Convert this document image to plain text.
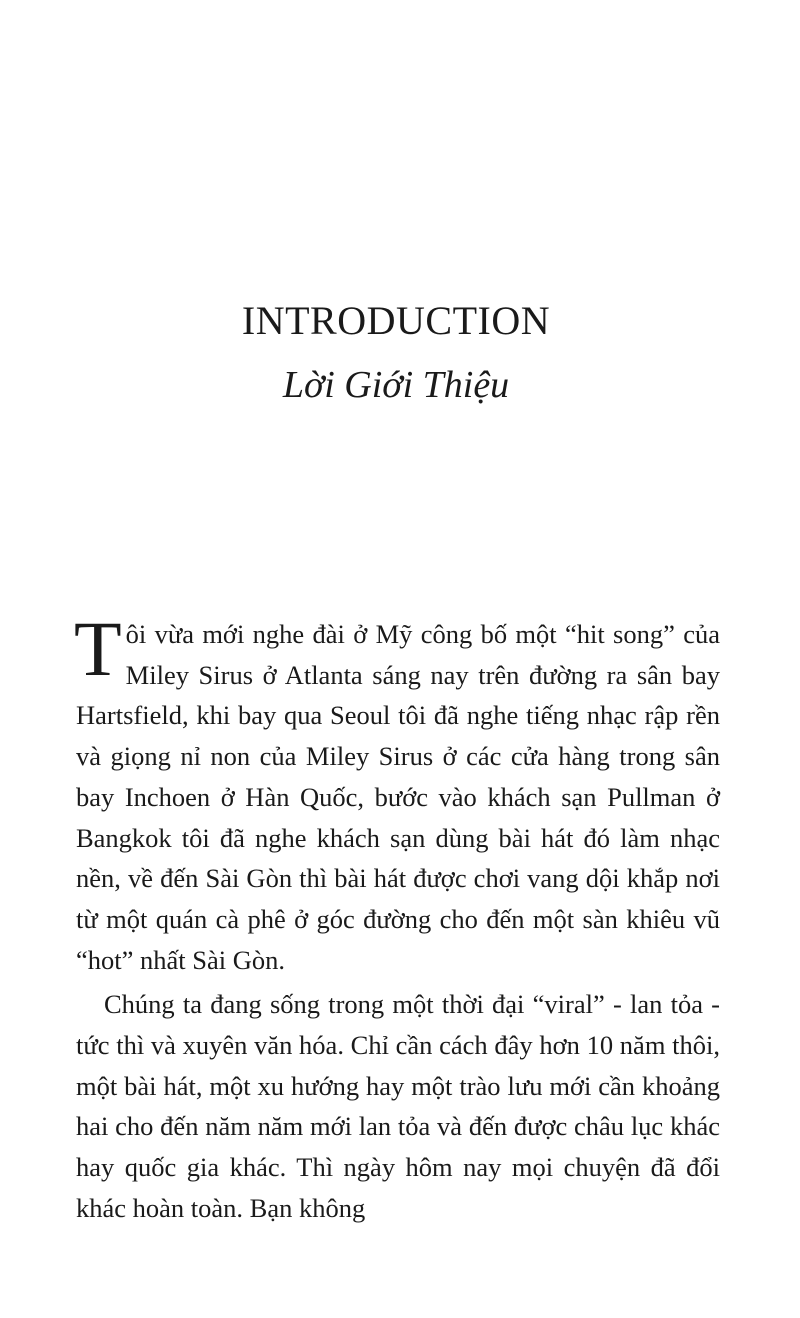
INTRODUCTION
Lời Giới Thiệu

Tôi vừa mới nghe đài ở Mỹ công bố một “hit song” của Miley Sirus ở Atlanta sáng nay trên đường ra sân bay Hartsfield, khi bay qua Seoul tôi đã nghe tiếng nhạc rập rền và giọng nỉ non của Miley Sirus ở các cửa hàng trong sân bay Inchoen ở Hàn Quốc, bước vào khách sạn Pullman ở Bangkok tôi đã nghe khách sạn dùng bài hát đó làm nhạc nền, về đến Sài Gòn thì bài hát được chơi vang dội khắp nơi từ một quán cà phê ở góc đường cho đến một sàn khiêu vũ “hot” nhất Sài Gòn.

Chúng ta đang sống trong một thời đại “viral” - lan tỏa - tức thì và xuyên văn hóa. Chỉ cần cách đây hơn 10 năm thôi, một bài hát, một xu hướng hay một trào lưu mới cần khoảng hai cho đến năm năm mới lan tỏa và đến được châu lục khác hay quốc gia khác. Thì ngày hôm nay mọi chuyện đã đổi khác hoàn toàn. Bạn không
